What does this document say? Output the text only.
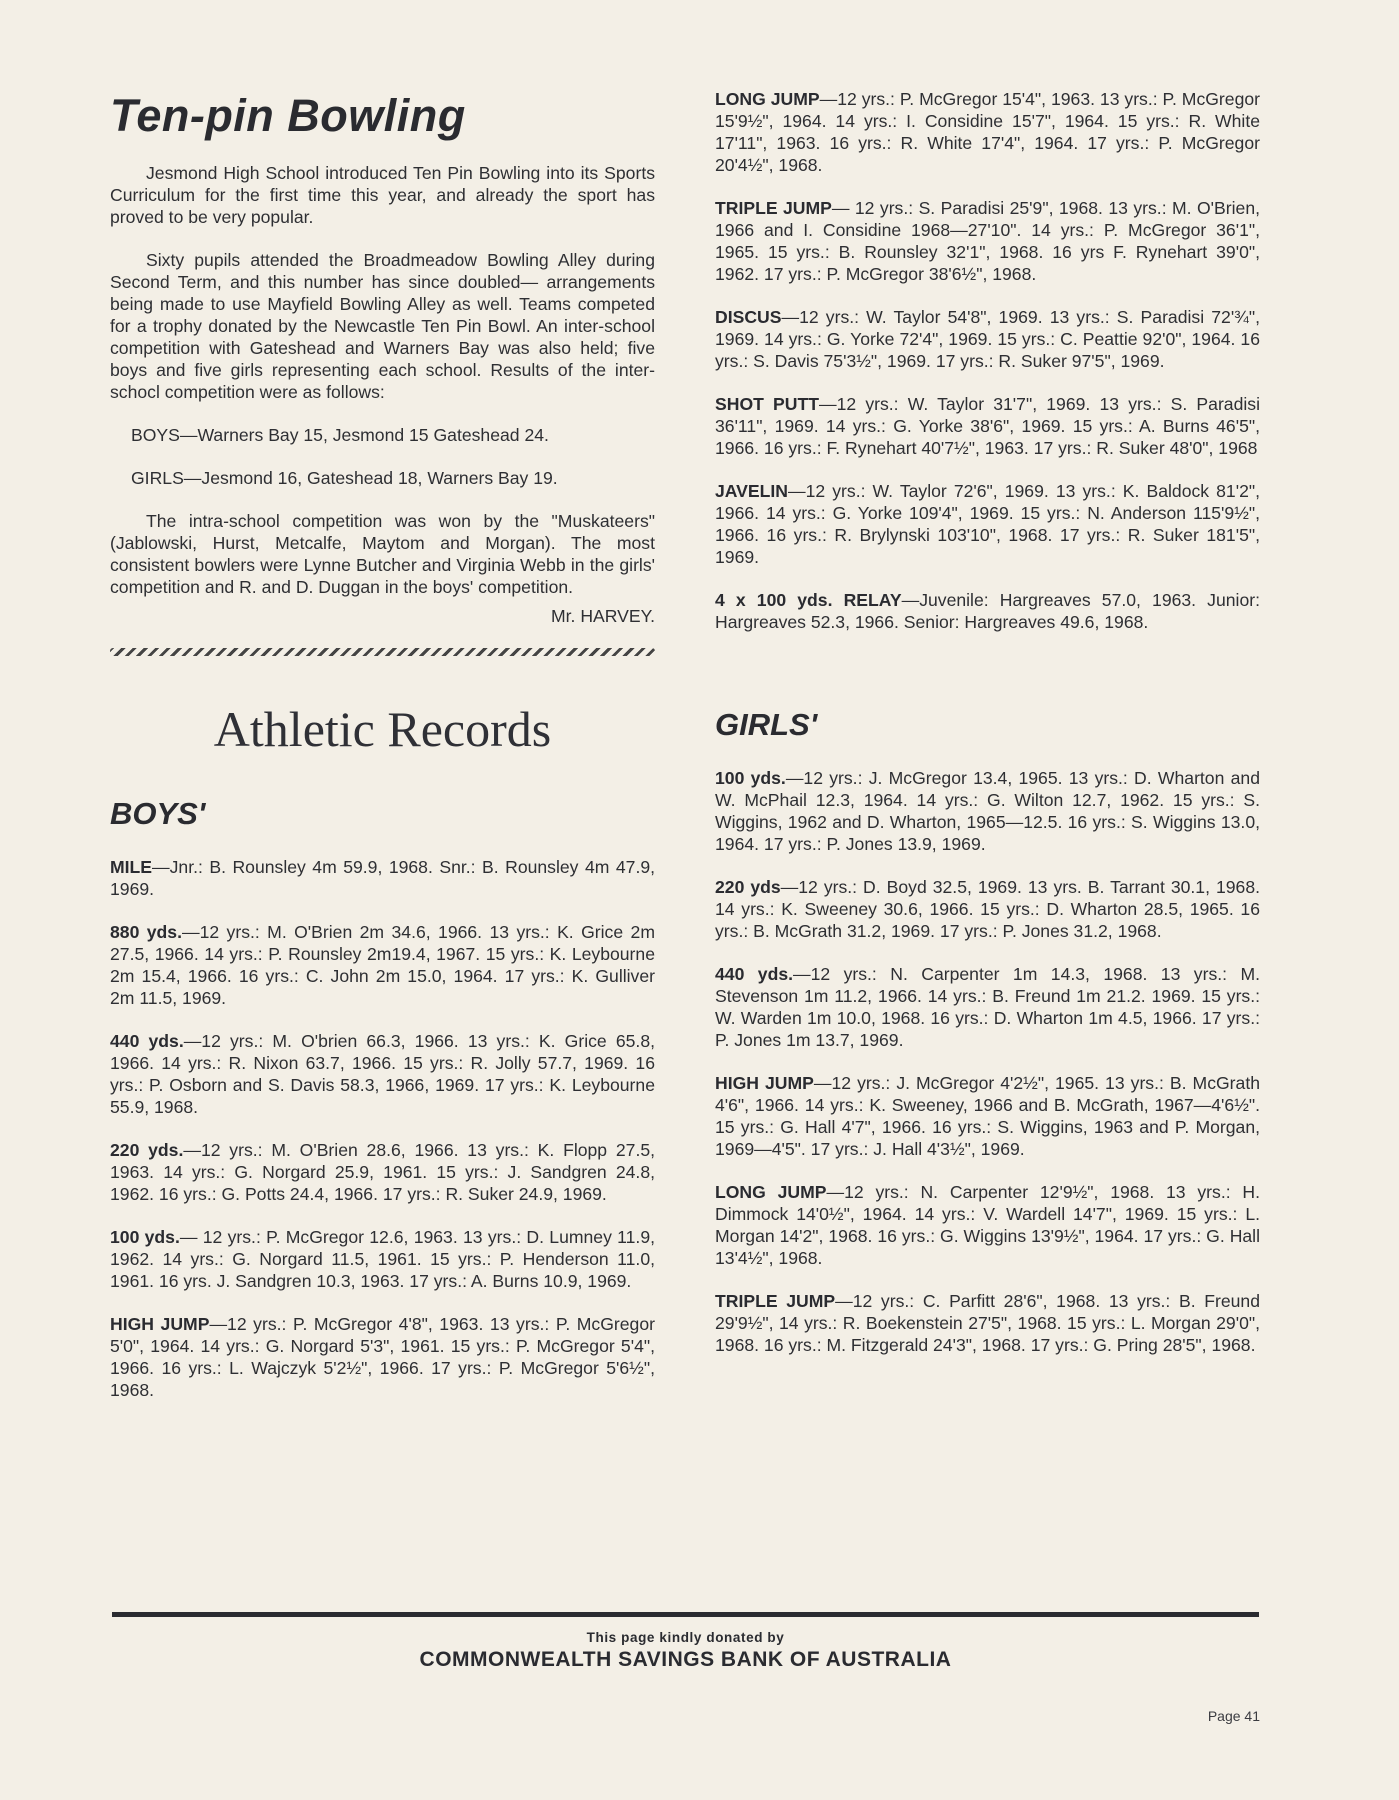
Ten-pin Bowling

Jesmond High School introduced Ten Pin Bowling into its Sports Curriculum for the first time this year, and already the sport has proved to be very popular.

Sixty pupils attended the Broadmeadow Bowling Alley during Second Term, and this number has since doubled— arrangements being made to use Mayfield Bowling Alley as well. Teams competed for a trophy donated by the Newcastle Ten Pin Bowl. An inter-school competition with Gateshead and Warners Bay was also held; five boys and five girls representing each school. Results of the inter-schocl competition were as follows:

BOYS—Warners Bay 15, Jesmond 15 Gateshead 24.

GIRLS—Jesmond 16, Gateshead 18, Warners Bay 19.

The intra-school competition was won by the "Muskateers" (Jablowski, Hurst, Metcalfe, Maytom and Morgan). The most consistent bowlers were Lynne Butcher and Virginia Webb in the girls' competition and R. and D. Duggan in the boys' competition.

Mr. HARVEY.

Athletic Records
BOYS'

MILE—Jnr.: B. Rounsley 4m 59.9, 1968. Snr.: B. Rounsley 4m 47.9, 1969.

880 yds.—12 yrs.: M. O'Brien 2m 34.6, 1966. 13 yrs.: K. Grice 2m 27.5, 1966. 14 yrs.: P. Rounsley 2m19.4, 1967. 15 yrs.: K. Leybourne 2m 15.4, 1966. 16 yrs.: C. John 2m 15.0, 1964. 17 yrs.: K. Gulliver 2m 11.5, 1969.

440 yds.—12 yrs.: M. O'brien 66.3, 1966. 13 yrs.: K. Grice 65.8, 1966. 14 yrs.: R. Nixon 63.7, 1966. 15 yrs.: R. Jolly 57.7, 1969. 16 yrs.: P. Osborn and S. Davis 58.3, 1966, 1969. 17 yrs.: K. Leybourne 55.9, 1968.

220 yds.—12 yrs.: M. O'Brien 28.6, 1966. 13 yrs.: K. Flopp 27.5, 1963. 14 yrs.: G. Norgard 25.9, 1961. 15 yrs.: J. Sandgren 24.8, 1962. 16 yrs.: G. Potts 24.4, 1966. 17 yrs.: R. Suker 24.9, 1969.

100 yds.— 12 yrs.: P. McGregor 12.6, 1963. 13 yrs.: D. Lumney 11.9, 1962. 14 yrs.: G. Norgard 11.5, 1961. 15 yrs.: P. Henderson 11.0, 1961. 16 yrs. J. Sandgren 10.3, 1963. 17 yrs.: A. Burns 10.9, 1969.

HIGH JUMP—12 yrs.: P. McGregor 4'8", 1963. 13 yrs.: P. McGregor 5'0", 1964. 14 yrs.: G. Norgard 5'3", 1961. 15 yrs.: P. McGregor 5'4", 1966. 16 yrs.: L. Wajczyk 5'2½", 1966. 17 yrs.: P. McGregor 5'6½", 1968.

LONG JUMP—12 yrs.: P. McGregor 15'4", 1963. 13 yrs.: P. McGregor 15'9½", 1964. 14 yrs.: I. Considine 15'7", 1964. 15 yrs.: R. White 17'11", 1963. 16 yrs.: R. White 17'4", 1964. 17 yrs.: P. McGregor 20'4½", 1968.

TRIPLE JUMP— 12 yrs.: S. Paradisi 25'9", 1968. 13 yrs.: M. O'Brien, 1966 and I. Considine 1968—27'10". 14 yrs.: P. McGregor 36'1", 1965. 15 yrs.: B. Rounsley 32'1", 1968. 16 yrs F. Rynehart 39'0", 1962. 17 yrs.: P. McGregor 38'6½", 1968.

DISCUS—12 yrs.: W. Taylor 54'8", 1969. 13 yrs.: S. Paradisi 72'¾", 1969. 14 yrs.: G. Yorke 72'4", 1969. 15 yrs.: C. Peattie 92'0", 1964. 16 yrs.: S. Davis 75'3½", 1969. 17 yrs.: R. Suker 97'5", 1969.

SHOT PUTT—12 yrs.: W. Taylor 31'7", 1969. 13 yrs.: S. Paradisi 36'11", 1969. 14 yrs.: G. Yorke 38'6", 1969. 15 yrs.: A. Burns 46'5", 1966. 16 yrs.: F. Rynehart 40'7½", 1963. 17 yrs.: R. Suker 48'0", 1968

JAVELIN—12 yrs.: W. Taylor 72'6", 1969. 13 yrs.: K. Baldock 81'2", 1966. 14 yrs.: G. Yorke 109'4", 1969. 15 yrs.: N. Anderson 115'9½", 1966. 16 yrs.: R. Brylynski 103'10", 1968. 17 yrs.: R. Suker 181'5", 1969.

4 x 100 yds. RELAY—Juvenile: Hargreaves 57.0, 1963. Junior: Hargreaves 52.3, 1966. Senior: Hargreaves 49.6, 1968.

GIRLS'

100 yds.—12 yrs.: J. McGregor 13.4, 1965. 13 yrs.: D. Wharton and W. McPhail 12.3, 1964. 14 yrs.: G. Wilton 12.7, 1962. 15 yrs.: S. Wiggins, 1962 and D. Wharton, 1965—12.5. 16 yrs.: S. Wiggins 13.0, 1964. 17 yrs.: P. Jones 13.9, 1969.

220 yds—12 yrs.: D. Boyd 32.5, 1969. 13 yrs. B. Tarrant 30.1, 1968. 14 yrs.: K. Sweeney 30.6, 1966. 15 yrs.: D. Wharton 28.5, 1965. 16 yrs.: B. McGrath 31.2, 1969. 17 yrs.: P. Jones 31.2, 1968.

440 yds.—12 yrs.: N. Carpenter 1m 14.3, 1968. 13 yrs.: M. Stevenson 1m 11.2, 1966. 14 yrs.: B. Freund 1m 21.2. 1969. 15 yrs.: W. Warden 1m 10.0, 1968. 16 yrs.: D. Wharton 1m 4.5, 1966. 17 yrs.: P. Jones 1m 13.7, 1969.

HIGH JUMP—12 yrs.: J. McGregor 4'2½", 1965. 13 yrs.: B. McGrath 4'6", 1966. 14 yrs.: K. Sweeney, 1966 and B. McGrath, 1967—4'6½". 15 yrs.: G. Hall 4'7", 1966. 16 yrs.: S. Wiggins, 1963 and P. Morgan, 1969—4'5". 17 yrs.: J. Hall 4'3½", 1969.

LONG JUMP—12 yrs.: N. Carpenter 12'9½", 1968. 13 yrs.: H. Dimmock 14'0½", 1964. 14 yrs.: V. Wardell 14'7", 1969. 15 yrs.: L. Morgan 14'2", 1968. 16 yrs.: G. Wiggins 13'9½", 1964. 17 yrs.: G. Hall 13'4½", 1968.

TRIPLE JUMP—12 yrs.: C. Parfitt 28'6", 1968. 13 yrs.: B. Freund 29'9½", 14 yrs.: R. Boekenstein 27'5", 1968. 15 yrs.: L. Morgan 29'0", 1968. 16 yrs.: M. Fitzgerald 24'3", 1968. 17 yrs.: G. Pring 28'5", 1968.

This page kindly donated by
COMMONWEALTH SAVINGS BANK OF AUSTRALIA
Page 41
